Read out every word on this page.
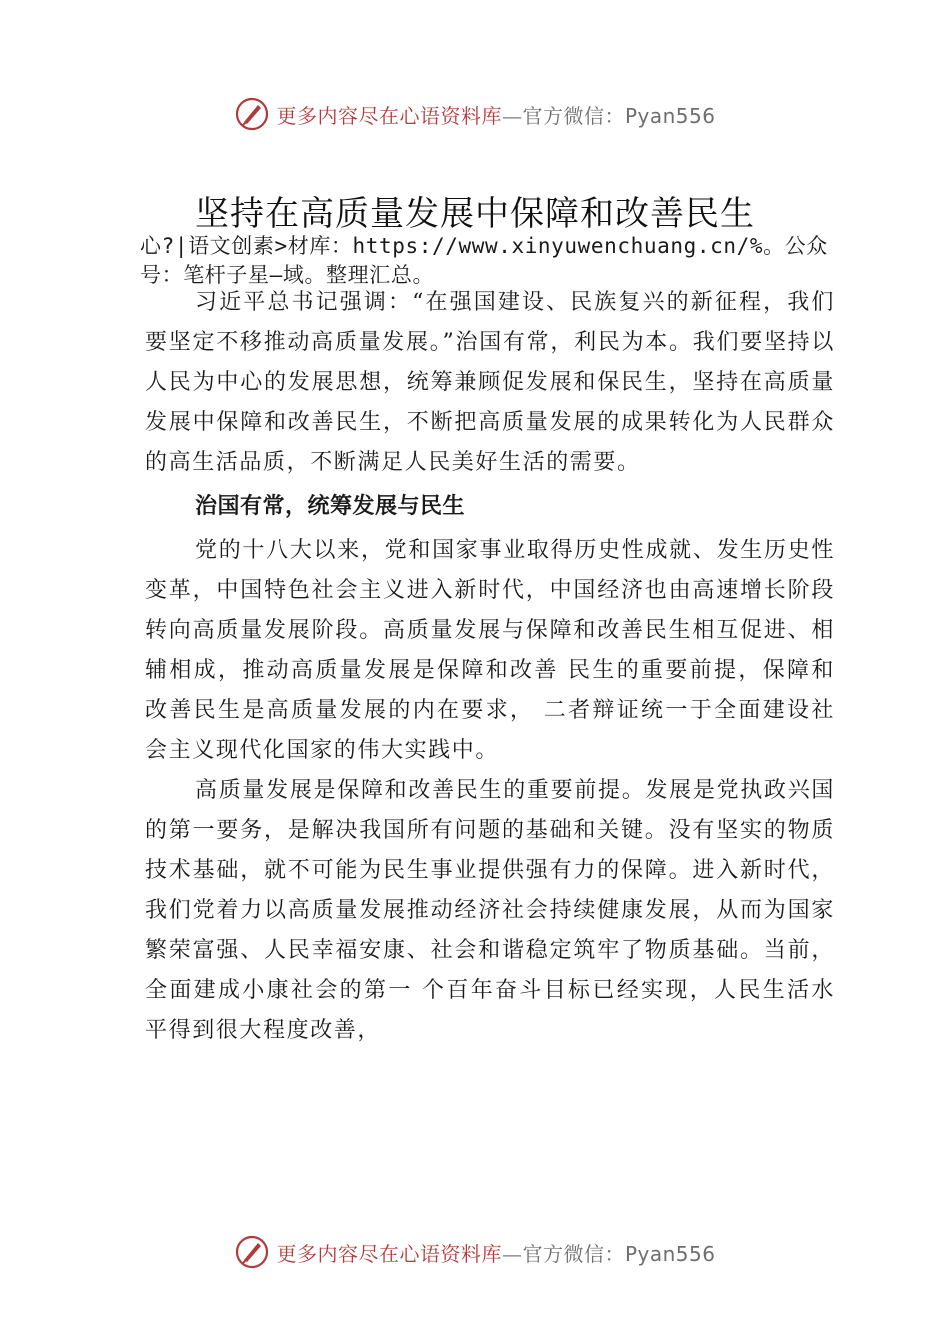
更多内容尽在心语资料库—官方微信：Pyan556
坚持在高质量发展中保障和改善民生

心?|语文创素>材库：https://www.xinyuwenchuang.cn/%。公众号：笔杆子星—域。整理汇总。

习近平总书记强调：“在强国建设、民族复兴的新征程，我们要坚定不移推动高质量发展。”治国有常，利民为本。我们要坚持以人民为中心的发展思想，统筹兼顾促发展和保民生，坚持在高质量发展中保障和改善民生，不断把高质量发展的成果转化为人民群众的高生活品质，不断满足人民美好生活的需要。

治国有常，统筹发展与民生

党的十八大以来，党和国家事业取得历史性成就、发生历史性变革，中国特色社会主义进入新时代，中国经济也由高速增长阶段转向高质量发展阶段。高质量发展与保障和改善民生相互促进、相辅相成，推动高质量发展是保障和改善 民生的重要前提，保障和改善民生是高质量发展的内在要求， 二者辩证统一于全面建设社会主义现代化国家的伟大实践中。

高质量发展是保障和改善民生的重要前提。发展是党执政兴国的第一要务，是解决我国所有问题的基础和关键。没有坚实的物质技术基础，就不可能为民生事业提供强有力的保障。进入新时代，我们党着力以高质量发展推动经济社会持续健康发展，从而为国家繁荣富强、人民幸福安康、社会和谐稳定筑牢了物质基础。当前，全面建成小康社会的第一 个百年奋斗目标已经实现，人民生活水平得到很大程度改善，

更多内容尽在心语资料库—官方微信：Pyan556
